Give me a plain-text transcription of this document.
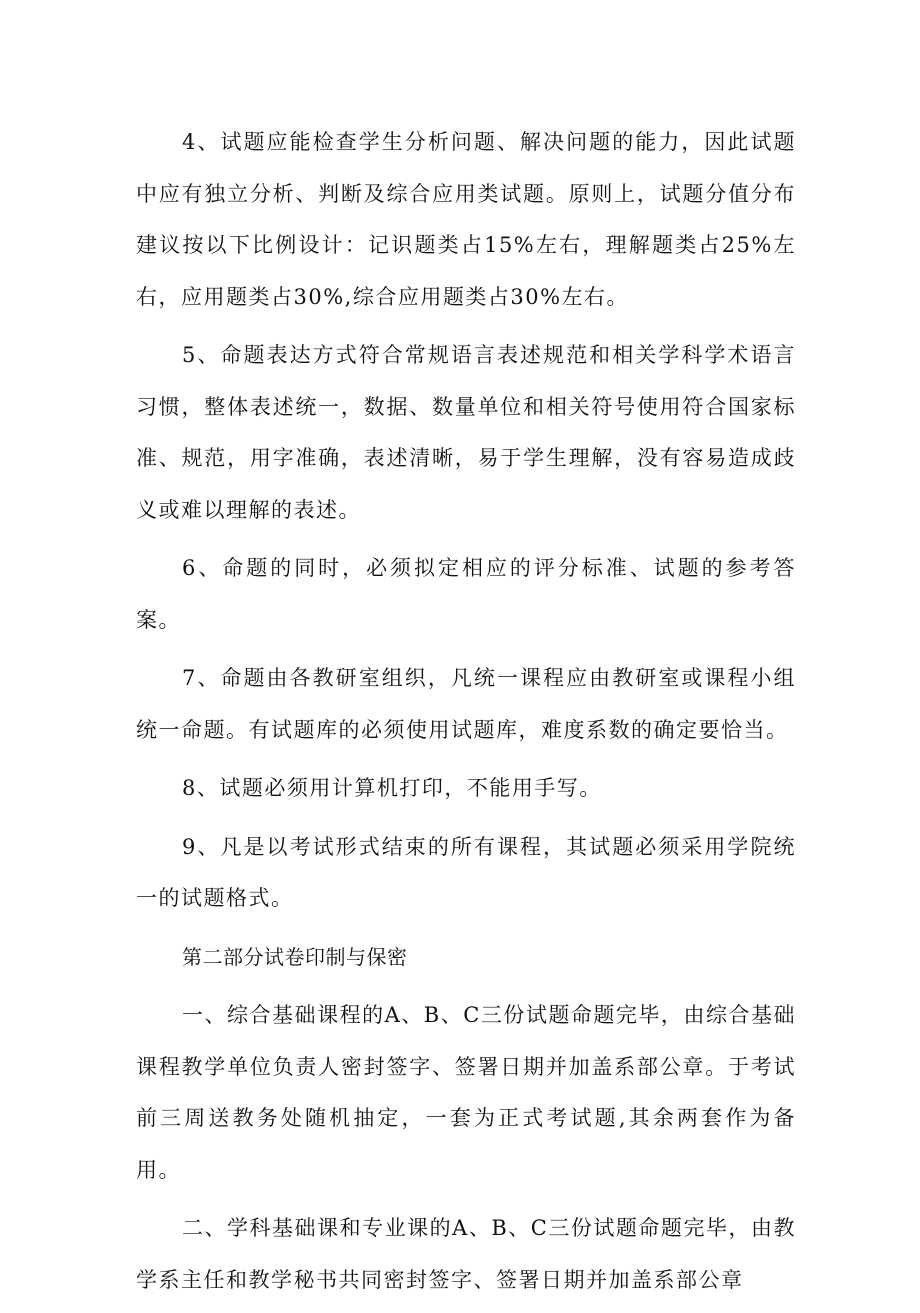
4、试题应能检查学生分析问题、解决问题的能力，因此试题中应有独立分析、判断及综合应用类试题。原则上，试题分值分布建议按以下比例设计：记识题类占15%左右，理解题类占25%左右，应用题类占30%,综合应用题类占30%左右。

5、命题表达方式符合常规语言表述规范和相关学科学术语言习惯，整体表述统一，数据、数量单位和相关符号使用符合国家标准、规范，用字准确，表述清晰，易于学生理解，没有容易造成歧义或难以理解的表述。

6、命题的同时，必须拟定相应的评分标准、试题的参考答案。

7、命题由各教研室组织，凡统一课程应由教研室或课程小组统一命题。有试题库的必须使用试题库，难度系数的确定要恰当。

8、试题必须用计算机打印，不能用手写。

9、凡是以考试形式结束的所有课程，其试题必须采用学院统一的试题格式。

第二部分试卷印制与保密

一、综合基础课程的A、B、C三份试题命题完毕，由综合基础课程教学单位负责人密封签字、签署日期并加盖系部公章。于考试前三周送教务处随机抽定，一套为正式考试题,其余两套作为备用。

二、学科基础课和专业课的A、B、C三份试题命题完毕，由教学系主任和教学秘书共同密封签字、签署日期并加盖系部公章
